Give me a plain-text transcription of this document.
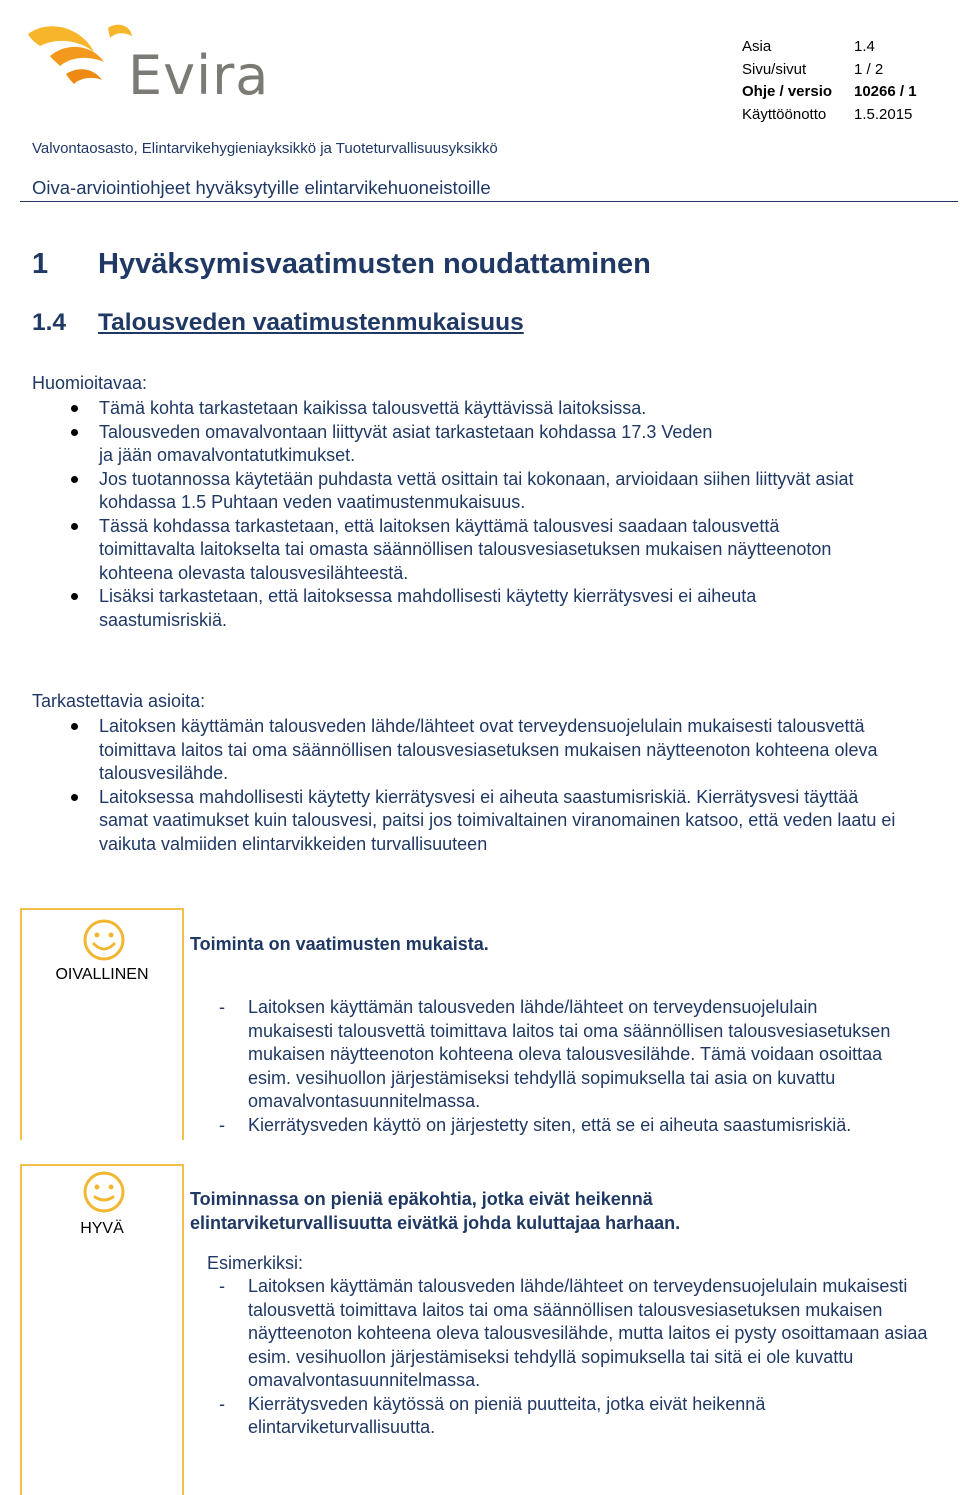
Evira	Asia	1.4
Sivu/sivut	1 / 2
Ohje / versio	10266 / 1
Käyttöönotto	1.5.2015
Valvontaosasto, Elintarvikehygieniayksikkö ja Tuoteturvallisuusyksikkö
Oiva-arviointiohjeet hyväksytyille elintarvikehuoneistoille
1 Hyväksymisvaatimusten noudattaminen
1.4 Talousveden vaatimustenmukaisuus
Huomioitavaa:
Tämä kohta tarkastetaan kaikissa talousvettä käyttävissä laitoksissa.
Talousveden omavalvontaan liittyvät asiat tarkastetaan kohdassa 17.3 Veden ja jään omavalvontatutkimukset.
Jos tuotannossa käytetään puhdasta vettä osittain tai kokonaan, arvioidaan siihen liittyvät asiat kohdassa 1.5 Puhtaan veden vaatimustenmukaisuus.
Tässä kohdassa tarkastetaan, että laitoksen käyttämä talousvesi saadaan talousvettä toimittavalta laitokselta tai omasta säännöllisen talousvesiasetuksen mukaisen näytteenoton kohteena olevasta talousvesilähteestä.
Lisäksi tarkastetaan, että laitoksessa mahdollisesti käytetty kierrätysvesi ei aiheuta saastumisriskiä.
Tarkastettavia asioita:
Laitoksen käyttämän talousveden lähde/lähteet ovat terveydensuojelulain mukaisesti talousvettä toimittava laitos tai oma säännöllisen talousvesiasetuksen mukaisen näytteenoton kohteena oleva talousvesilähde.
Laitoksessa mahdollisesti käytetty kierrätysvesi ei aiheuta saastumisriskiä. Kierrätysvesi täyttää samat vaatimukset kuin talousvesi, paitsi jos toimivaltainen viranomainen katsoo, että veden laatu ei vaikuta valmiiden elintarvikkeiden turvallisuuteen
OIVALLINEN
Toiminta on vaatimusten mukaista.
- Laitoksen käyttämän talousveden lähde/lähteet on terveydensuojelulain mukaisesti talousvettä toimittava laitos tai oma säännöllisen talousvesiasetuksen mukaisen näytteenoton kohteena oleva talousvesilähde. Tämä voidaan osoittaa esim. vesihuollon järjestämiseksi tehdyllä sopimuksella tai asia on kuvattu omavalvontasuunnitelmassa.
- Kierrätysveden käyttö on järjestetty siten, että se ei aiheuta saastumisriskiä.
HYVÄ
Toiminnassa on pieniä epäkohtia, jotka eivät heikennä elintarviketurvallisuutta eivätkä johda kuluttajaa harhaan.
Esimerkiksi:
- Laitoksen käyttämän talousveden lähde/lähteet on terveydensuojelulain mukaisesti talousvettä toimittava laitos tai oma säännöllisen talousvesiasetuksen mukaisen näytteenoton kohteena oleva talousvesilähde, mutta laitos ei pysty osoittamaan asiaa esim. vesihuollon järjestämiseksi tehdyllä sopimuksella tai sitä ei ole kuvattu omavalvontasuunnitelmassa.
- Kierrätysveden käytössä on pieniä puutteita, jotka eivät heikennä elintarviketurvallisuutta.
